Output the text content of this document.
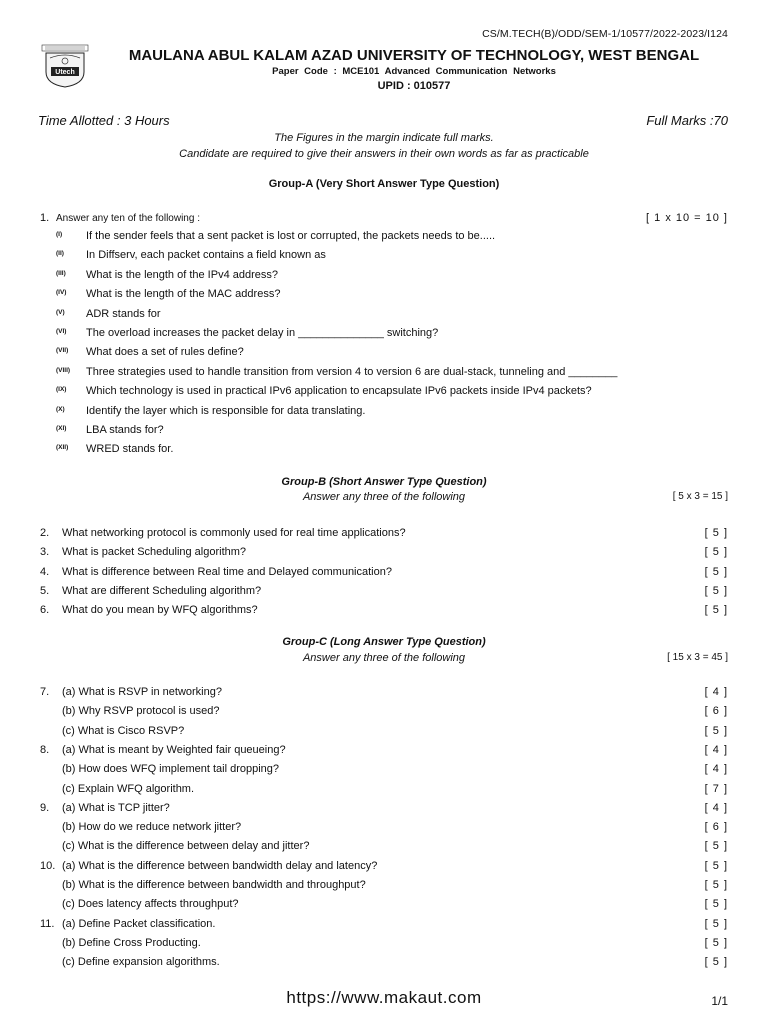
CS/M.TECH(B)/ODD/SEM-1/10577/2022-2023/I124
Utech
MAULANA ABUL KALAM AZAD UNIVERSITY OF TECHNOLOGY, WEST BENGAL
Paper Code : MCE101 Advanced Communication Networks
UPID : 010577
Time Allotted : 3 Hours	Full Marks :70
The Figures in the margin indicate full marks.
Candidate are required to give their answers in their own words as far as practicable
Group-A (Very Short Answer Type Question)
1. Answer any ten of the following :	[ 1 x 10 = 10 ]
(I) If the sender feels that a sent packet is lost or corrupted, the packets needs to be.....
(II) In Diffserv, each packet contains a field known as
(III) What is the length of the IPv4 address?
(IV) What is the length of the MAC address?
(V) ADR stands for
(VI) The overload increases the packet delay in ______________ switching?
(VII) What does a set of rules define?
(VIII) Three strategies used to handle transition from version 4 to version 6 are dual-stack, tunneling and ________
(IX) Which technology is used in practical IPv6 application to encapsulate IPv6 packets inside IPv4 packets?
(X) Identify the layer which is responsible for data translating.
(XI) LBA stands for?
(XII) WRED stands for.
Group-B (Short Answer Type Question)
Answer any three of the following	[ 5 x 3 = 15 ]
2. What networking protocol is commonly used for real time applications?	[ 5 ]
3. What is packet Scheduling algorithm?	[ 5 ]
4. What is difference between Real time and Delayed communication?	[ 5 ]
5. What are different Scheduling algorithm?	[ 5 ]
6. What do you mean by WFQ algorithms?	[ 5 ]
Group-C (Long Answer Type Question)
Answer any three of the following	[ 15 x 3 = 45 ]
7. (a) What is RSVP in networking?	[ 4 ]
(b) Why RSVP protocol is used?	[ 6 ]
(c) What is Cisco RSVP?	[ 5 ]
8. (a) What is meant by Weighted fair queueing?	[ 4 ]
(b) How does WFQ implement tail dropping?	[ 4 ]
(c) Explain WFQ algorithm.	[ 7 ]
9. (a) What is TCP jitter?	[ 4 ]
(b) How do we reduce network jitter?	[ 6 ]
(c) What is the difference between delay and jitter?	[ 5 ]
10. (a) What is the difference between bandwidth delay and latency?	[ 5 ]
(b) What is the difference between bandwidth and throughput?	[ 5 ]
(c) Does latency affects throughput?	[ 5 ]
11. (a) Define Packet classification.	[ 5 ]
(b) Define Cross Producting.	[ 5 ]
(c) Define expansion algorithms.	[ 5 ]
https://www.makaut.com	1/1
